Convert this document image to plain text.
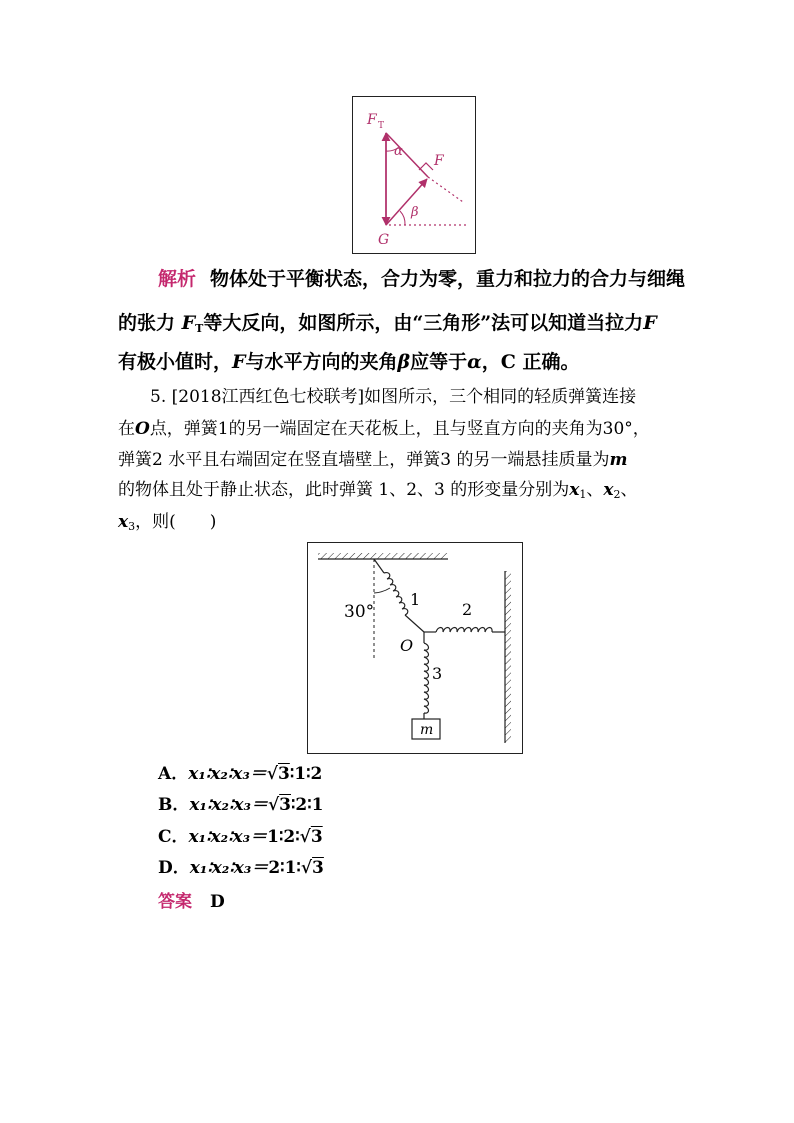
F T
α
F
β
G

解析 物体处于平衡状态，合力为零，重力和拉力的合力与细绳

的张力 $F_T$等大反向，如图所示，由“三角形”法可以知道当拉力F

有极小值时，F与水平方向的夹角β应等于α，C 正确。

5. [2018江西红色七校联考]如图所示，三个相同的轻质弹簧连接

在O点，弹簧1的另一端固定在天花板上，且与竖直方向的夹角为30°，

弹簧2 水平且右端固定在竖直墙壁上，弹簧3 的另一端悬挂质量为m

的物体且处于静止状态，此时弹簧 1、2、3 的形变量分别为$x_1$、$x_2$、

$x_3$，则(　　)

30°
1
2
O
3
m
A．x₁∶x₂∶x₃＝√3∶1∶2
B．x₁∶x₂∶x₃＝√3∶2∶1
C．x₁∶x₂∶x₃＝1∶2∶√3
D．x₁∶x₂∶x₃＝2∶1∶√3
答案 D
